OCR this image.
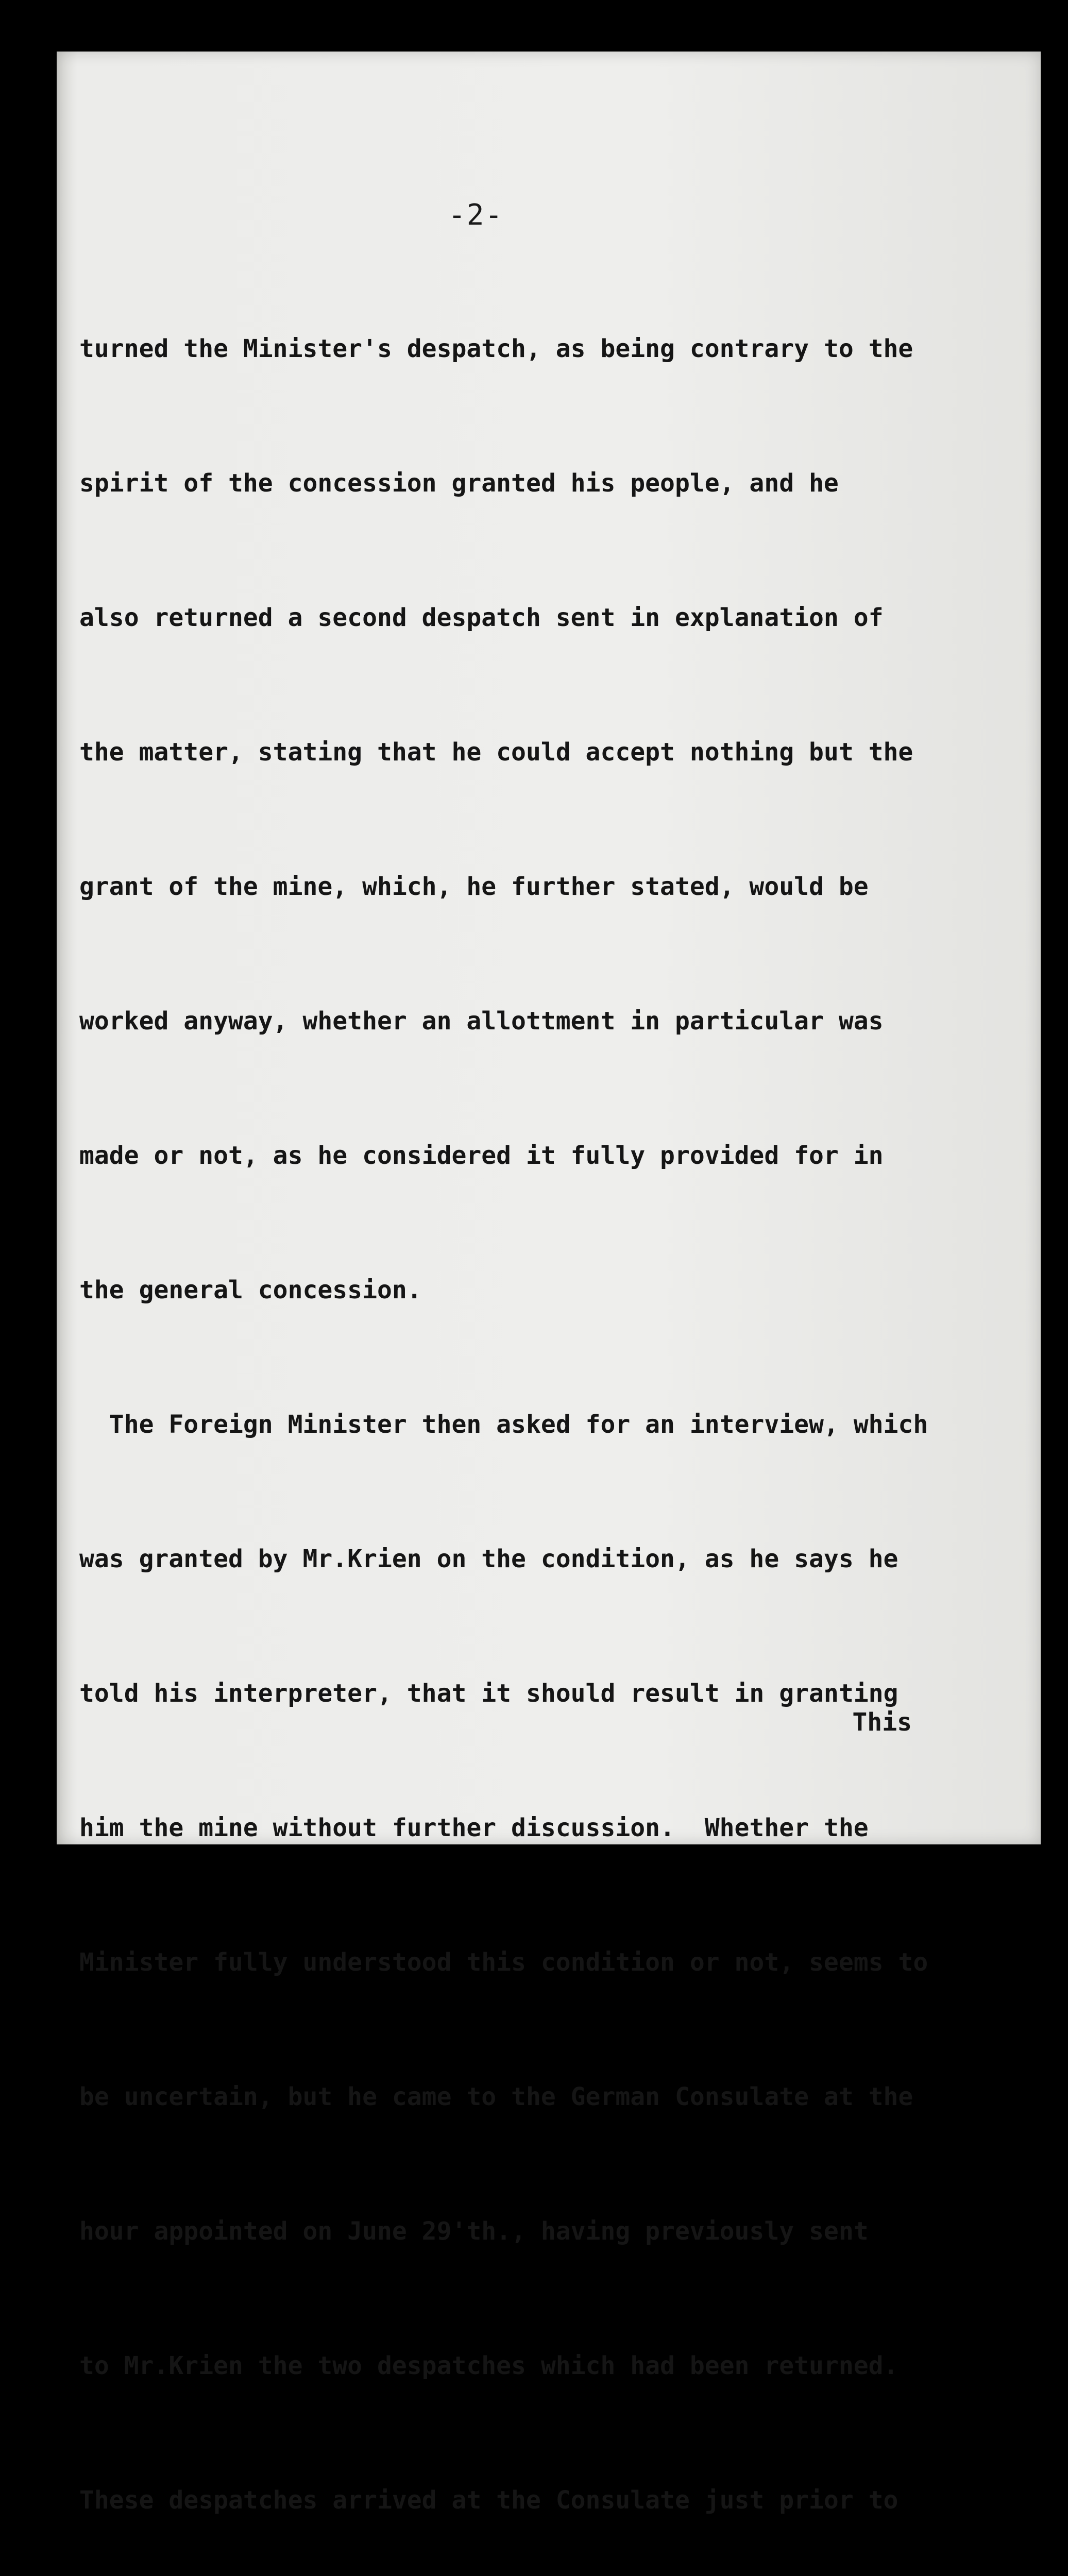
-2-

turned the Minister's despatch, as being contrary to the

spirit of the concession granted his people, and he

also returned a second despatch sent in explanation of

the matter, stating that he could accept nothing but the

grant of the mine, which, he further stated, would be

worked anyway, whether an allottment in particular was

made or not, as he considered it fully provided for in

the general concession.

The Foreign Minister then asked for an interview, which

was granted by Mr.Krien on the condition, as he says he

told his interpreter, that it should result in granting

him the mine without further discussion.  Whether the

Minister fully understood this condition or not, seems to

be uncertain, but he came to the German Consulate at the

hour appointed on June 29'th., having previously sent

to Mr.Krien the two despatches which had been returned.

These despatches arrived at the Consulate just prior to

This
